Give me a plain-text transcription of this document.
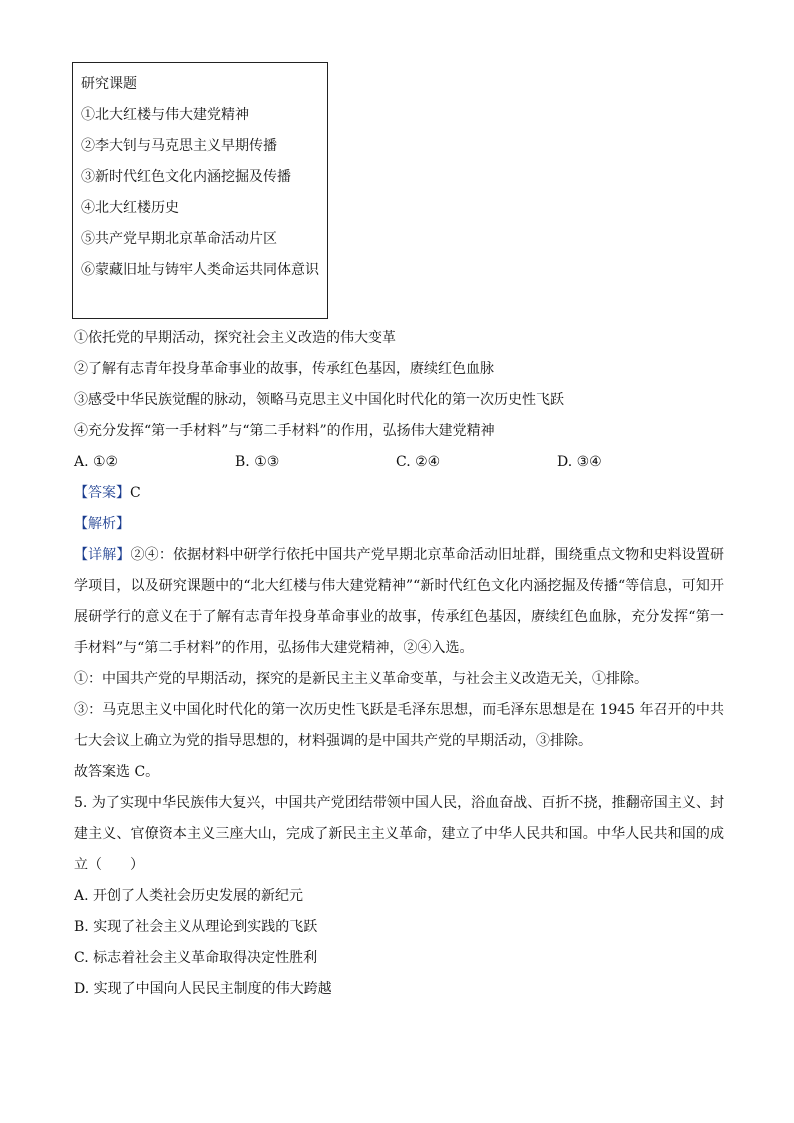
研究课题
①北大红楼与伟大建党精神
②李大钊与马克思主义早期传播
③新时代红色文化内涵挖掘及传播
④北大红楼历史
⑤共产党早期北京革命活动片区
⑥蒙藏旧址与铸牢人类命运共同体意识
①依托党的早期活动，探究社会主义改造的伟大变革
②了解有志青年投身革命事业的故事，传承红色基因，赓续红色血脉
③感受中华民族觉醒的脉动，领略马克思主义中国化时代化的第一次历史性飞跃
④充分发挥“第一手材料”与“第二手材料”的作用，弘扬伟大建党精神
A. ①②	B. ①③	C. ②④	D. ③④
【答案】C
【解析】
【详解】②④：依据材料中研学行依托中国共产党早期北京革命活动旧址群，围绕重点文物和史料设置研学项目，以及研究课题中的“北大红楼与伟大建党精神”“新时代红色文化内涵挖掘及传播“等信息，可知开展研学行的意义在于了解有志青年投身革命事业的故事，传承红色基因，赓续红色血脉，充分发挥“第一手材料”与“第二手材料”的作用，弘扬伟大建党精神，②④入选。
①：中国共产党的早期活动，探究的是新民主主义革命变革，与社会主义改造无关，①排除。
③：马克思主义中国化时代化的第一次历史性飞跃是毛泽东思想，而毛泽东思想是在 1945 年召开的中共七大会议上确立为党的指导思想的，材料强调的是中国共产党的早期活动，③排除。
故答案选 C。
5. 为了实现中华民族伟大复兴，中国共产党团结带领中国人民，浴血奋战、百折不挠，推翻帝国主义、封建主义、官僚资本主义三座大山，完成了新民主主义革命，建立了中华人民共和国。中华人民共和国的成立（　　）
A. 开创了人类社会历史发展的新纪元
B. 实现了社会主义从理论到实践的飞跃
C. 标志着社会主义革命取得决定性胜利
D. 实现了中国向人民民主制度的伟大跨越
